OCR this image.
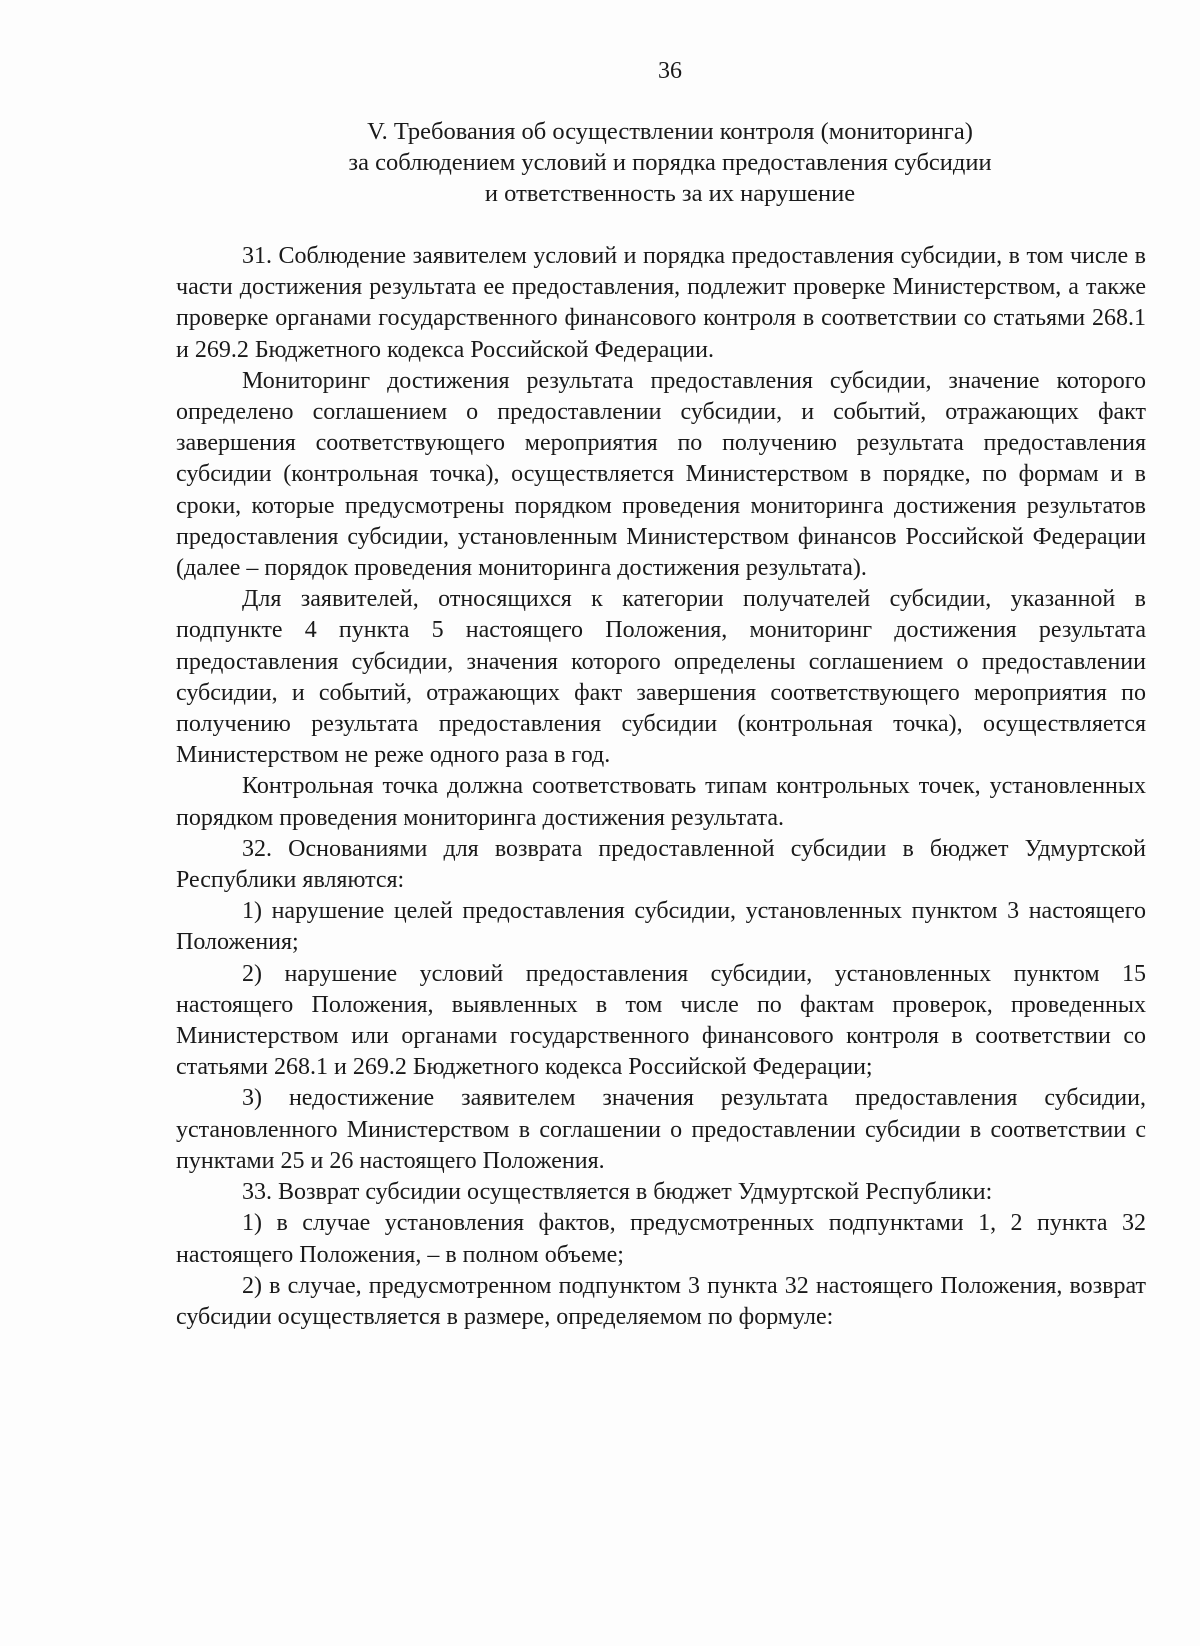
36
V. Требования об осуществлении контроля (мониторинга)
за соблюдением условий и порядка предоставления субсидии
и ответственность за их нарушение

31. Соблюдение заявителем условий и порядка предоставления субсидии, в том числе в части достижения результата ее предоставления, подлежит проверке Министерством, а также проверке органами государственного финансового контроля в соответствии со статьями 268.1 и 269.2 Бюджетного кодекса Российской Федерации.

Мониторинг достижения результата предоставления субсидии, значение которого определено соглашением о предоставлении субсидии, и событий, отражающих факт завершения соответствующего мероприятия по получению результата предоставления субсидии (контрольная точка), осуществляется Министерством в порядке, по формам и в сроки, которые предусмотрены порядком проведения мониторинга достижения результатов предоставления субсидии, установленным Министерством финансов Российской Федерации (далее – порядок проведения мониторинга достижения результата).

Для заявителей, относящихся к категории получателей субсидии, указанной в подпункте 4 пункта 5 настоящего Положения, мониторинг достижения результата предоставления субсидии, значения которого определены соглашением о предоставлении субсидии, и событий, отражающих факт завершения соответствующего мероприятия по получению результата предоставления субсидии (контрольная точка), осуществляется Министерством не реже одного раза в год.

Контрольная точка должна соответствовать типам контрольных точек, установленных порядком проведения мониторинга достижения результата.

32. Основаниями для возврата предоставленной субсидии в бюджет Удмуртской Республики являются:

1) нарушение целей предоставления субсидии, установленных пунктом 3 настоящего Положения;

2) нарушение условий предоставления субсидии, установленных пунктом 15 настоящего Положения, выявленных в том числе по фактам проверок, проведенных Министерством или органами государственного финансового контроля в соответствии со статьями 268.1 и 269.2 Бюджетного кодекса Российской Федерации;

3) недостижение заявителем значения результата предоставления субсидии, установленного Министерством в соглашении о предоставлении субсидии в соответствии с пунктами 25 и 26 настоящего Положения.

33. Возврат субсидии осуществляется в бюджет Удмуртской Республики:

1) в случае установления фактов, предусмотренных подпунктами 1, 2 пункта 32 настоящего Положения, – в полном объеме;

2) в случае, предусмотренном подпунктом 3 пункта 32 настоящего Положения, возврат субсидии осуществляется в размере, определяемом по формуле:
